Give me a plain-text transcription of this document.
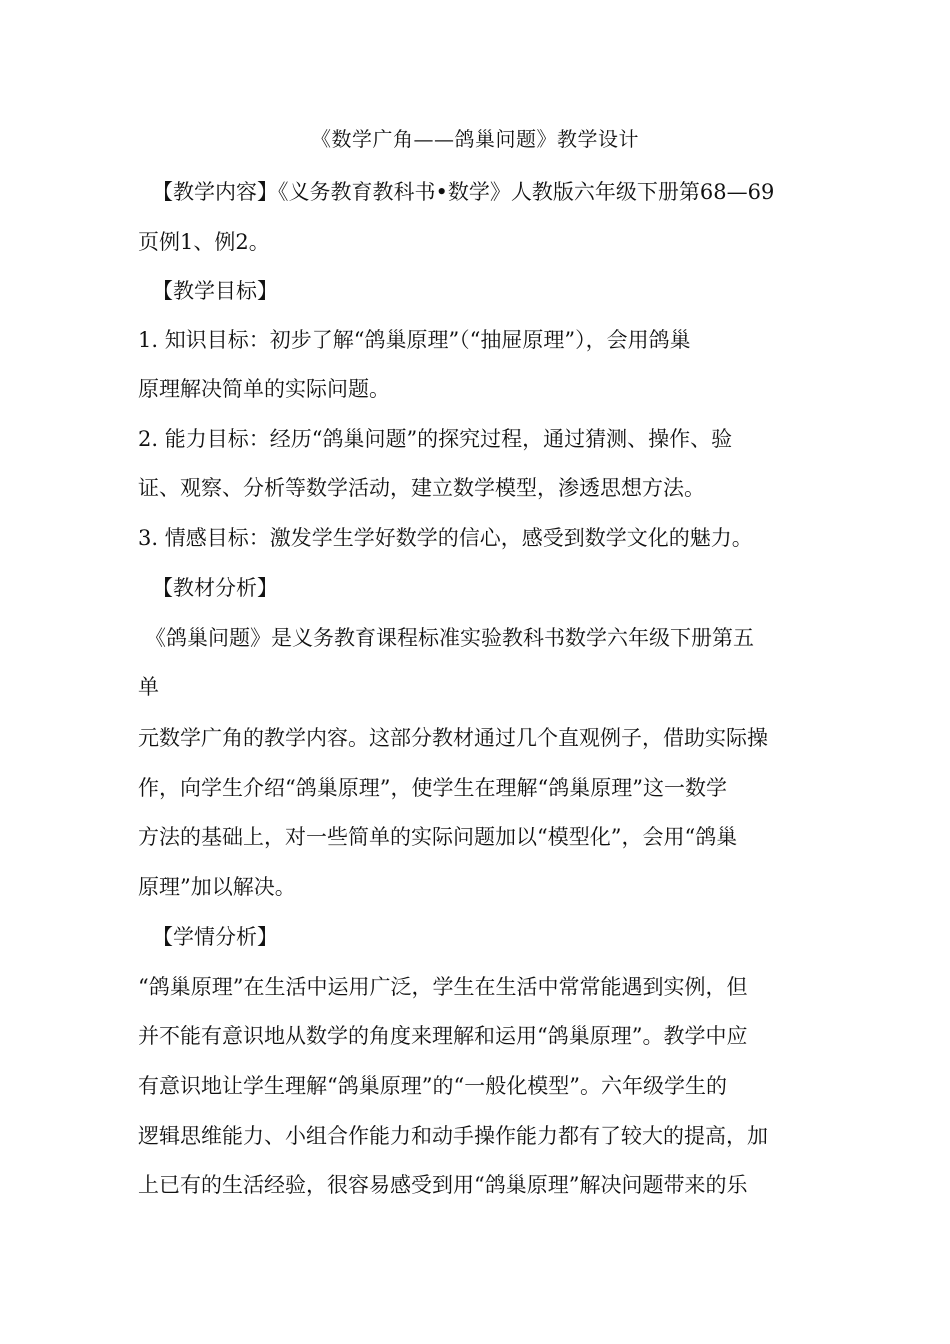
《数学广角——鸽巢问题》教学设计
【教学内容】《义务教育教科书•数学》人教版六年级下册第68—69
页例1、例2。
【教学目标】
1. 知识目标：初步了解“鸽巢原理”（“抽屉原理”），会用鸽巢
原理解决简单的实际问题。
2. 能力目标：经历“鸽巢问题”的探究过程，通过猜测、操作、验
证、观察、分析等数学活动，建立数学模型，渗透思想方法。
3. 情感目标：激发学生学好数学的信心，感受到数学文化的魅力。
【教材分析】
《鸽巢问题》是义务教育课程标准实验教科书数学六年级下册第五
单
元数学广角的教学内容。这部分教材通过几个直观例子，借助实际操
作，向学生介绍“鸽巢原理”，使学生在理解“鸽巢原理”这一数学
方法的基础上，对一些简单的实际问题加以“模型化”，会用“鸽巢
原理”加以解决。
【学情分析】
“鸽巢原理”在生活中运用广泛，学生在生活中常常能遇到实例，但
并不能有意识地从数学的角度来理解和运用“鸽巢原理”。教学中应
有意识地让学生理解“鸽巢原理”的“一般化模型”。六年级学生的
逻辑思维能力、小组合作能力和动手操作能力都有了较大的提高，加
上已有的生活经验，很容易感受到用“鸽巢原理”解决问题带来的乐
